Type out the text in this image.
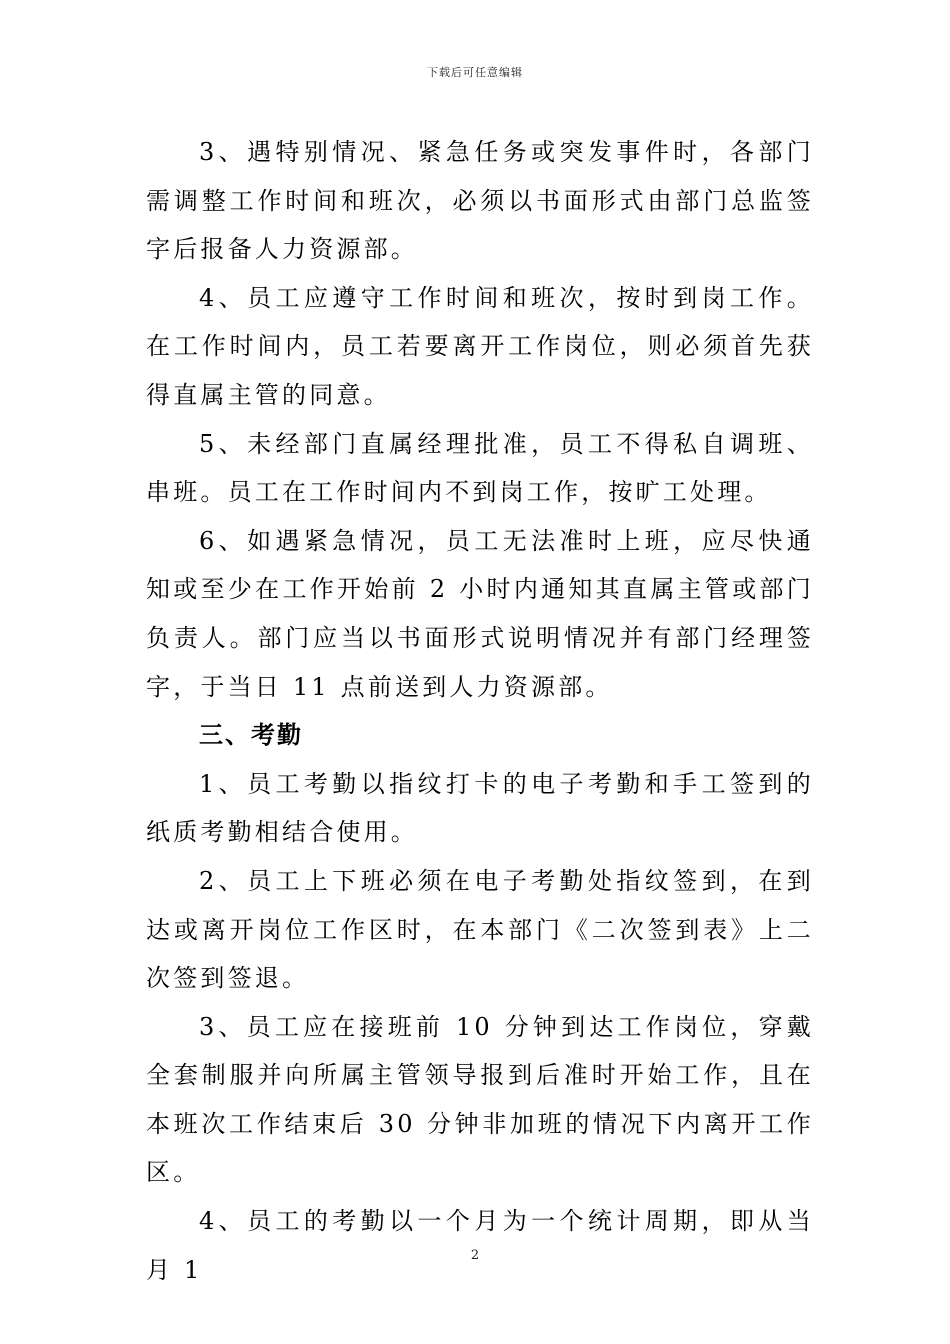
下载后可任意编辑

3、遇特别情况、紧急任务或突发事件时，各部门需调整工作时间和班次，必须以书面形式由部门总监签字后报备人力资源部。

4、员工应遵守工作时间和班次，按时到岗工作。在工作时间内，员工若要离开工作岗位，则必须首先获得直属主管的同意。

5、未经部门直属经理批准，员工不得私自调班、串班。员工在工作时间内不到岗工作，按旷工处理。

6、如遇紧急情况，员工无法准时上班，应尽快通知或至少在工作开始前 2 小时内通知其直属主管或部门负责人。部门应当以书面形式说明情况并有部门经理签字，于当日 11 点前送到人力资源部。

三、考勤

1、员工考勤以指纹打卡的电子考勤和手工签到的纸质考勤相结合使用。

2、员工上下班必须在电子考勤处指纹签到，在到达或离开岗位工作区时，在本部门《二次签到表》上二次签到签退。

3、员工应在接班前 10 分钟到达工作岗位，穿戴全套制服并向所属主管领导报到后准时开始工作，且在本班次工作结束后 30 分钟非加班的情况下内离开工作区。

4、员工的考勤以一个月为一个统计周期，即从当月 1

2
